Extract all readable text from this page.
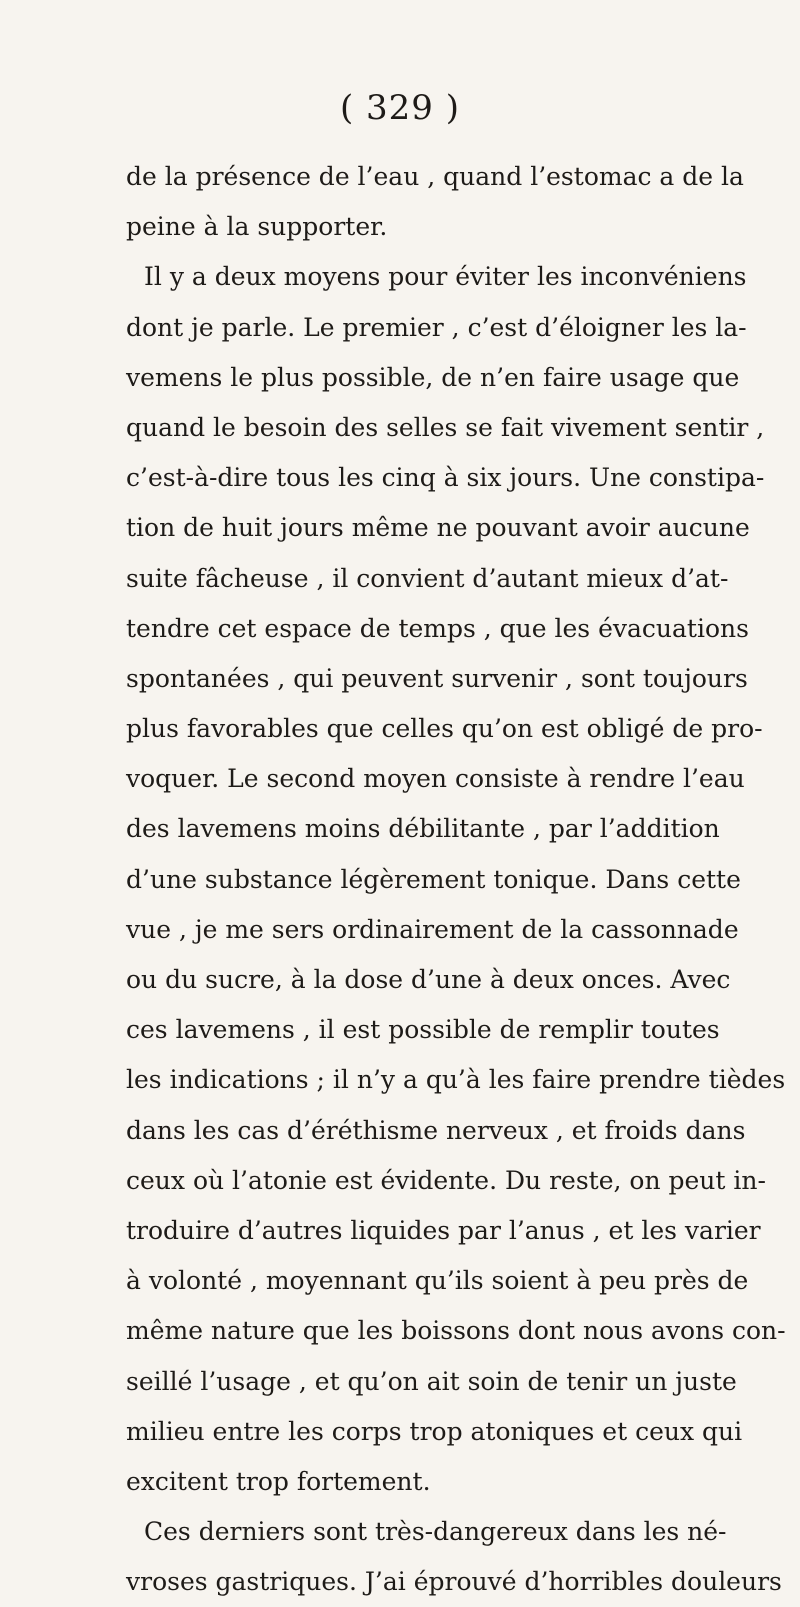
( 329 )
de la présence de l’eau , quand l’estomac a de la
peine à la supporter.
Il y a deux moyens pour éviter les inconvéniens
dont je parle. Le premier , c’est d’éloigner les la-
vemens le plus possible, de n’en faire usage que
quand le besoin des selles se fait vivement sentir ,
c’est-à-dire tous les cinq à six jours. Une constipa-
tion de huit jours même ne pouvant avoir aucune
suite fâcheuse , il convient d’autant mieux d’at-
tendre cet espace de temps , que les évacuations
spontanées , qui peuvent survenir , sont toujours
plus favorables que celles qu’on est obligé de pro-
voquer. Le second moyen consiste à rendre l’eau
des lavemens moins débilitante , par l’addition
d’une substance légèrement tonique. Dans cette
vue , je me sers ordinairement de la cassonnade
ou du sucre, à la dose d’une à deux onces. Avec
ces lavemens , il est possible de remplir toutes
les indications ; il n’y a qu’à les faire prendre tièdes
dans les cas d’éréthisme nerveux , et froids dans
ceux où l’atonie est évidente. Du reste, on peut in-
troduire d’autres liquides par l’anus , et les varier
à volonté , moyennant qu’ils soient à peu près de
même nature que les boissons dont nous avons con-
seillé l’usage , et qu’on ait soin de tenir un juste
milieu entre les corps trop atoniques et ceux qui
excitent trop fortement.
Ces derniers sont très-dangereux dans les né-
vroses gastriques. J’ai éprouvé d’horribles douleurs
